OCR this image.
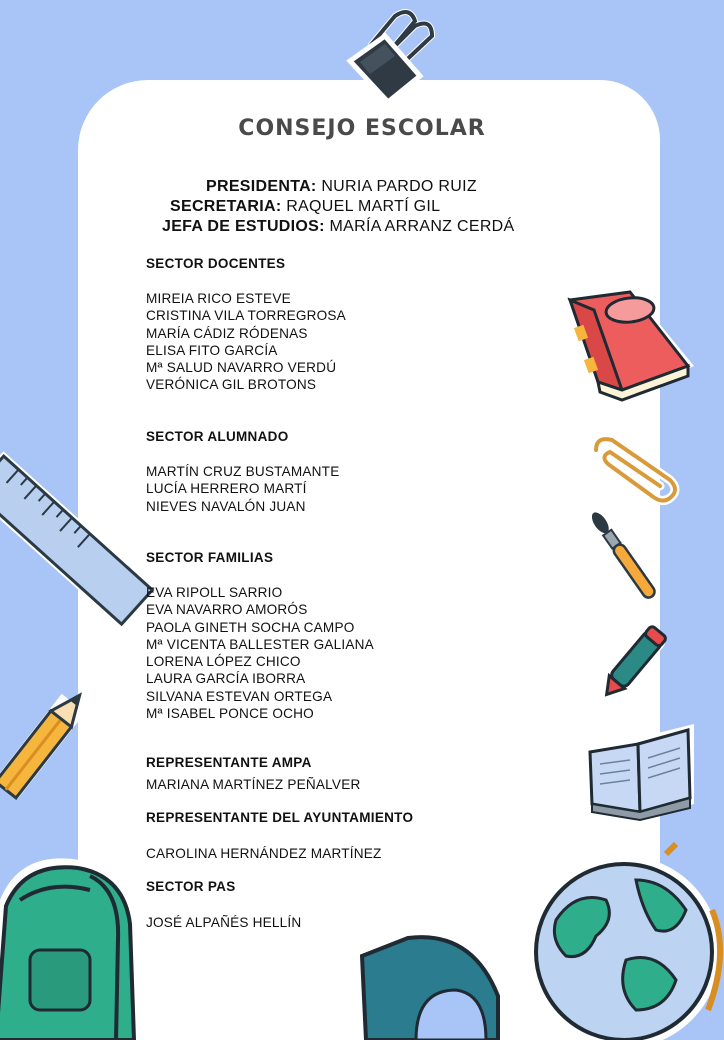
CONSEJO ESCOLAR
PRESIDENTA: NURIA PARDO RUIZ
SECRETARIA: RAQUEL MARTÍ GIL
JEFA DE ESTUDIOS: MARÍA ARRANZ CERDÁ
SECTOR DOCENTES
MIREIA RICO ESTEVE
CRISTINA VILA TORREGROSA
MARÍA CÁDIZ RÓDENAS
ELISA FITO GARCÍA
Mª SALUD NAVARRO VERDÚ
VERÓNICA GIL BROTONS
SECTOR ALUMNADO
MARTÍN CRUZ BUSTAMANTE
LUCÍA HERRERO MARTÍ
NIEVES NAVALÓN JUAN
SECTOR FAMILIAS
EVA RIPOLL SARRIO
EVA NAVARRO AMORÓS
PAOLA GINETH SOCHA CAMPO
Mª VICENTA BALLESTER GALIANA
LORENA LÓPEZ CHICO
LAURA GARCÍA IBORRA
SILVANA ESTEVAN ORTEGA
Mª ISABEL PONCE OCHO
REPRESENTANTE AMPA
MARIANA MARTÍNEZ PEÑALVER
REPRESENTANTE DEL AYUNTAMIENTO
CAROLINA HERNÁNDEZ MARTÍNEZ
SECTOR PAS
JOSÉ ALPAÑÉS HELLÍN
